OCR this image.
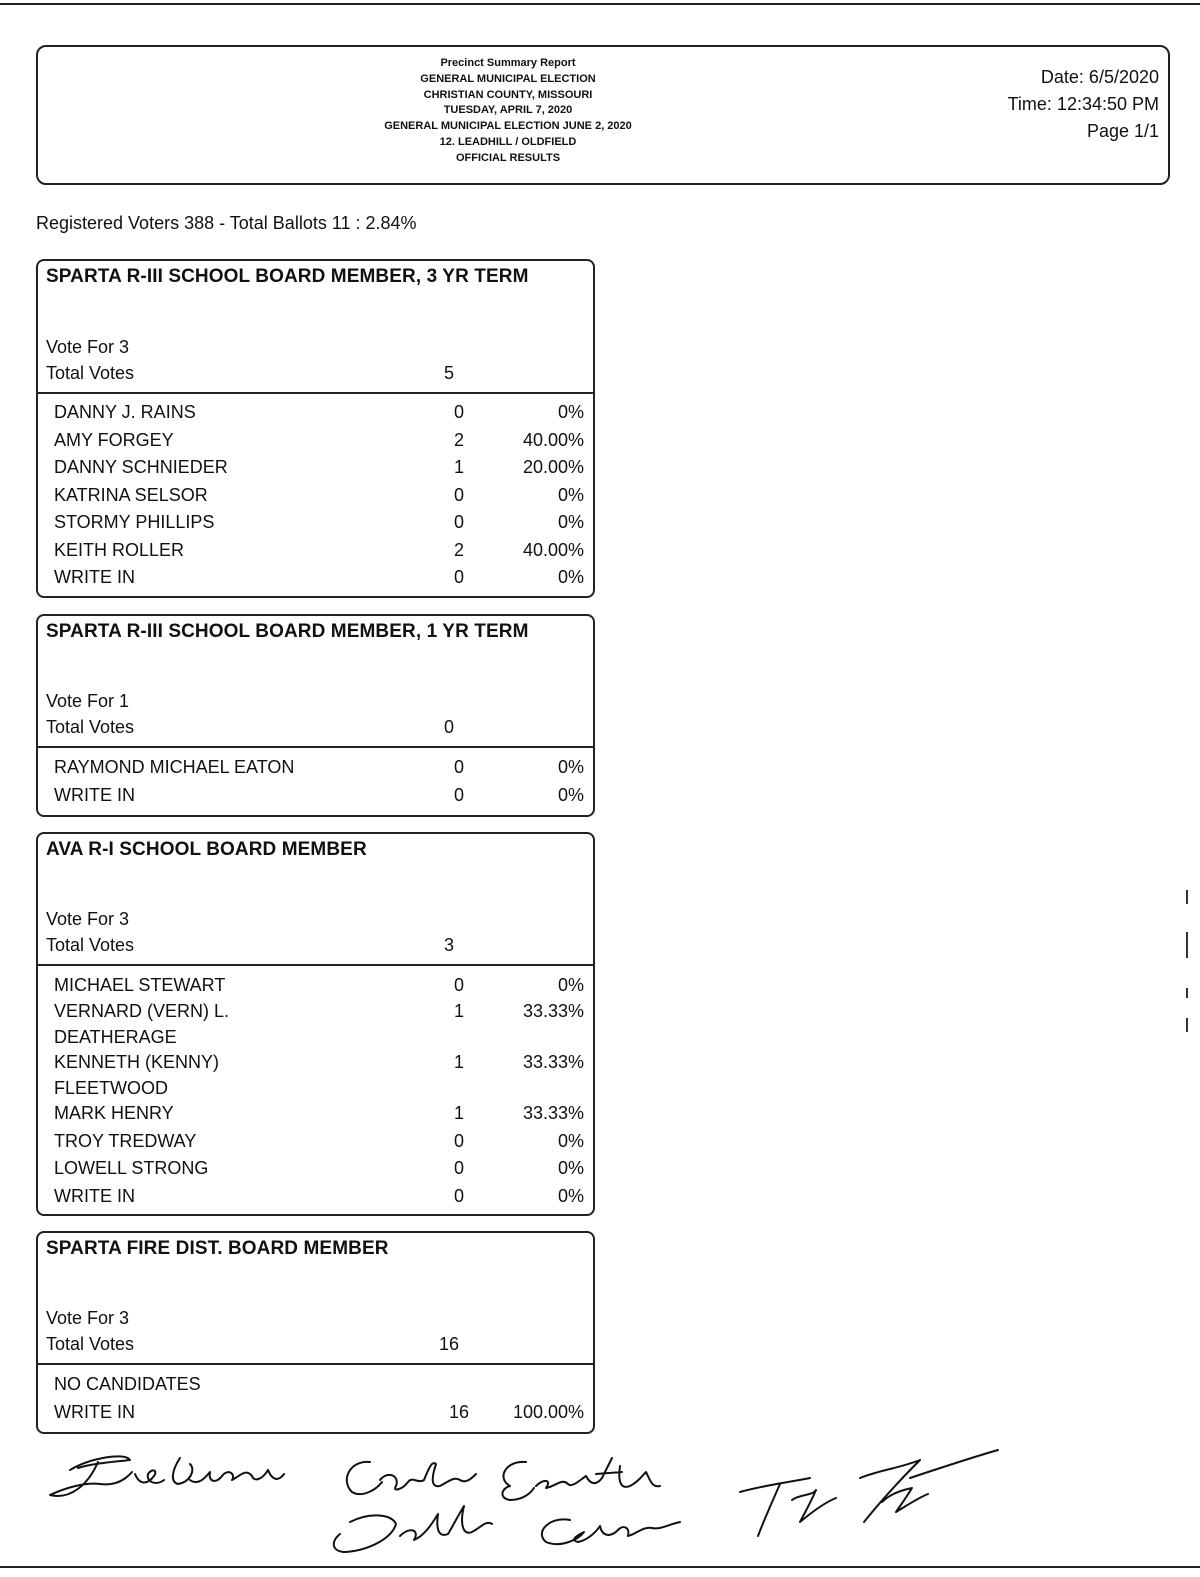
Precinct Summary Report
GENERAL MUNICIPAL ELECTION
CHRISTIAN COUNTY, MISSOURI
TUESDAY, APRIL 7, 2020
GENERAL MUNICIPAL ELECTION JUNE 2, 2020
12. LEADHILL / OLDFIELD
OFFICIAL RESULTS
Date: 6/5/2020
Time: 12:34:50 PM
Page 1/1
Registered Voters 388 - Total Ballots 11 : 2.84%
SPARTA R-III SCHOOL BOARD MEMBER, 3 YR TERM
Vote For 3
Total Votes	5
DANNY J. RAINS	0	0%
AMY FORGEY	2	40.00%
DANNY SCHNIEDER	1	20.00%
KATRINA SELSOR	0	0%
STORMY PHILLIPS	0	0%
KEITH ROLLER	2	40.00%
WRITE IN	0	0%
SPARTA R-III SCHOOL BOARD MEMBER, 1 YR TERM
Vote For 1
Total Votes	0
RAYMOND MICHAEL EATON	0	0%
WRITE IN	0	0%
AVA R-I SCHOOL BOARD MEMBER
Vote For 3
Total Votes	3
MICHAEL STEWART	0	0%
VERNARD (VERN) L.
DEATHERAGE
1	33.33%
KENNETH (KENNY)
FLEETWOOD
1	33.33%
MARK HENRY	1	33.33%
TROY TREDWAY	0	0%
LOWELL STRONG	0	0%
WRITE IN	0	0%
SPARTA FIRE DIST. BOARD MEMBER
Vote For 3
Total Votes	16
NO CANDIDATES
WRITE IN	16	100.00%
